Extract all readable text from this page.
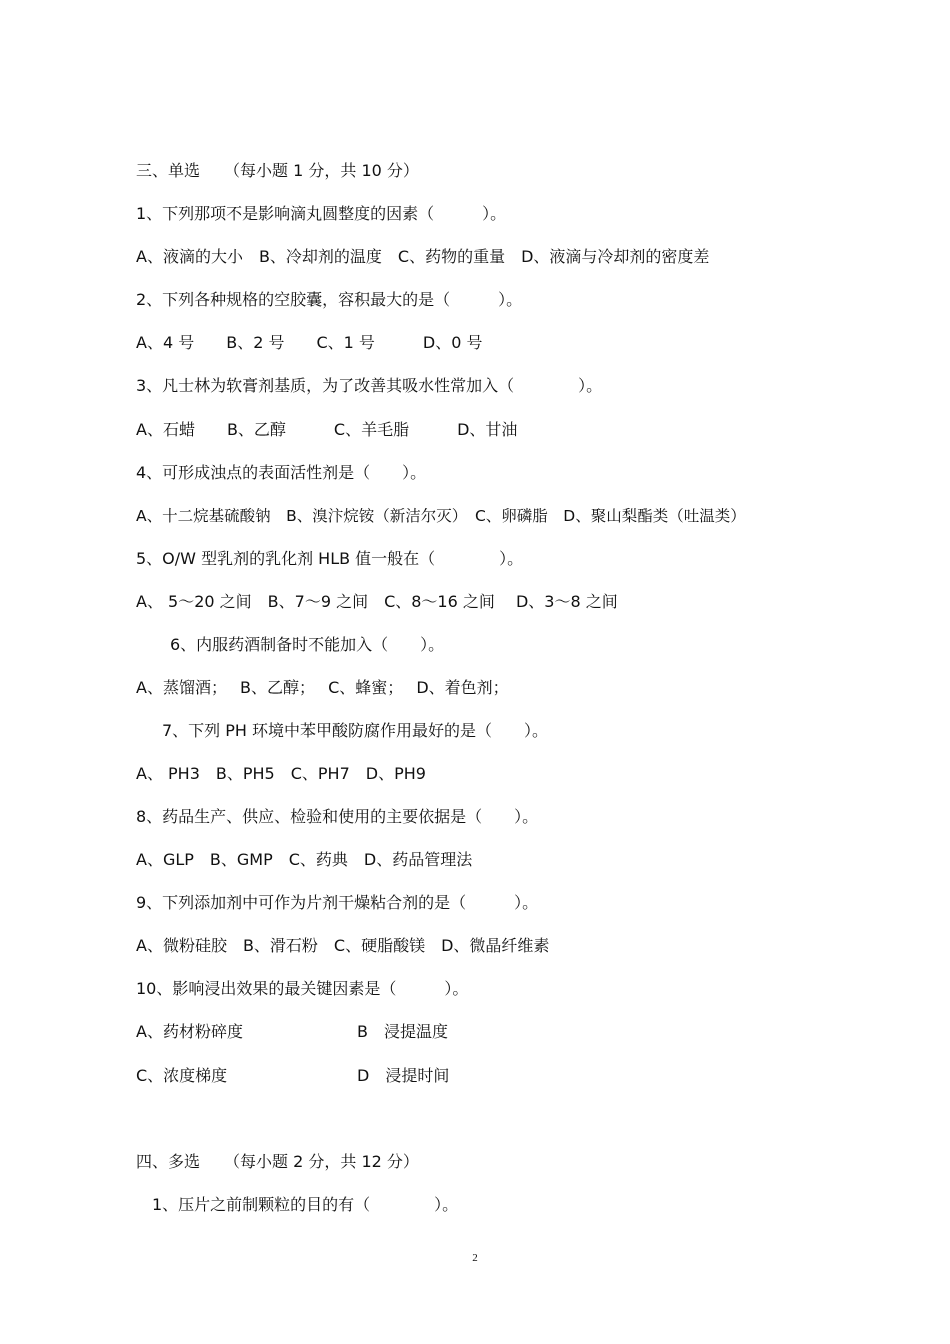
三、单选　　（每小题 1 分，共 10 分）
1、下列那项不是影响滴丸圆整度的因素（　　　）。
A、液滴的大小　B、冷却剂的温度　C、药物的重量　D、液滴与冷却剂的密度差
2、下列各种规格的空胶囊，容积最大的是（　　　）。
A、4 号　　B、2 号　　C、1 号　　　D、0 号
3、凡士林为软膏剂基质，为了改善其吸水性常加入（　　　　）。
A、石蜡　　B、乙醇　　　C、羊毛脂　　　D、甘油
4、可形成浊点的表面活性剂是（　　）。
A、十二烷基硫酸钠　B、溴汴烷铵（新洁尔灭）　C、卵磷脂　D、聚山梨酯类（吐温类）
5、O/W 型乳剂的乳化剂 HLB 值一般在（　　　　）。
A、 5～20 之间　B、7～9 之间　C、8～16 之间　 D、3～8 之间
6、内服药酒制备时不能加入（　　）。
A、蒸馏酒；　 B、乙醇；　 C、蜂蜜；　 D、着色剂；
7、下列 PH 环境中苯甲酸防腐作用最好的是（　　）。
A、 PH3　B、PH5　C、PH7　D、PH9
8、药品生产、供应、检验和使用的主要依据是（　　）。
A、GLP　B、GMP　C、药典　D、药品管理法
9、下列添加剂中可作为片剂干燥粘合剂的是（　　　）。
A、微粉硅胶　B、滑石粉　C、硬脂酸镁　D、微晶纤维素
10、影响浸出效果的最关键因素是（　　　）。
A、药材粉碎度	B　浸提温度
C、浓度梯度	D　浸提时间
四、多选　　（每小题 2 分，共 12 分）
1、压片之前制颗粒的目的有（　　　　）。
2
